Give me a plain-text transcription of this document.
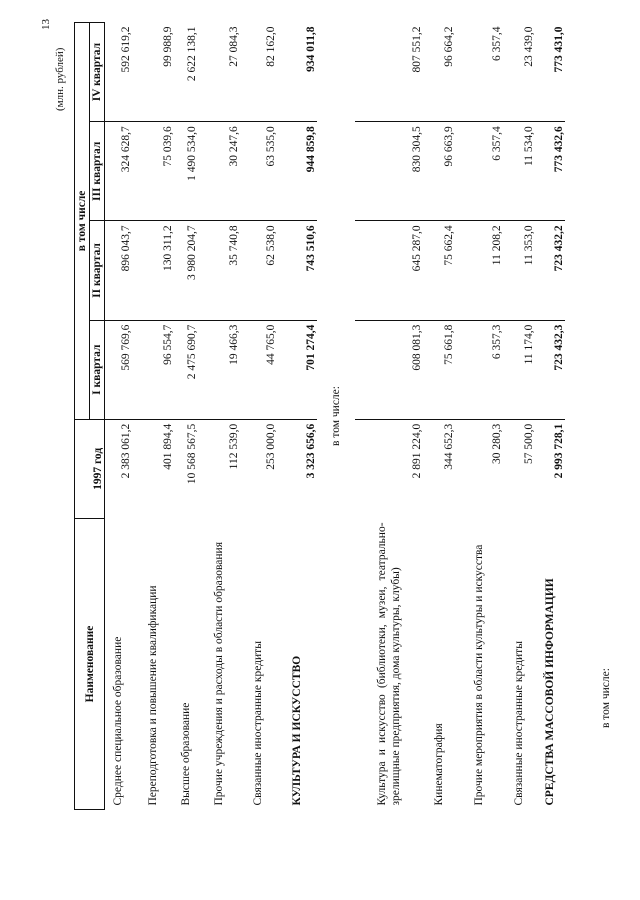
13
(млн. рублей)
Наименование	1997 год	в том числе			
		I квартал	II квартал	III квартал	IV квартал
Среднее специальное образование	2 383 061,2	569 769,6	896 043,7	324 628,7	592 619,2
Переподготовка и повышение квалификации	401 894,4	96 554,7	130 311,2	75 039,6	99 988,9
Высшее образование	10 568 567,5	2 475 690,7	3 980 204,7	1 490 534,0	2 622 138,1
Прочие учреждения и расходы в области образования	112 539,0	19 466,3	35 740,8	30 247,6	27 084,3
Связанные иностранные кредиты	253 000,0	44 765,0	62 538,0	63 535,0	82 162,0
КУЛЬТУРА И ИСКУССТВО	3 323 656,6	701 274,4	743 510,6	944 859,8	934 011,8
в том числе:					
Культура и искусство (библиотеки, музеи, театрально-зрелищные предприятия, дома культуры, клубы)	2 891 224,0	608 081,3	645 287,0	830 304,5	807 551,2
Кинематография	344 652,3	75 661,8	75 662,4	96 663,9	96 664,2
Прочие мероприятия в области культуры и искусства	30 280,3	6 357,3	11 208,2	6 357,4	6 357,4
Связанные иностранные кредиты	57 500,0	11 174,0	11 353,0	11 534,0	23 439,0
СРЕДСТВА МАССОВОЙ ИНФОРМАЦИИ	2 993 728,1	723 432,3	723 432,2	773 432,6	773 431,0
в том числе:
